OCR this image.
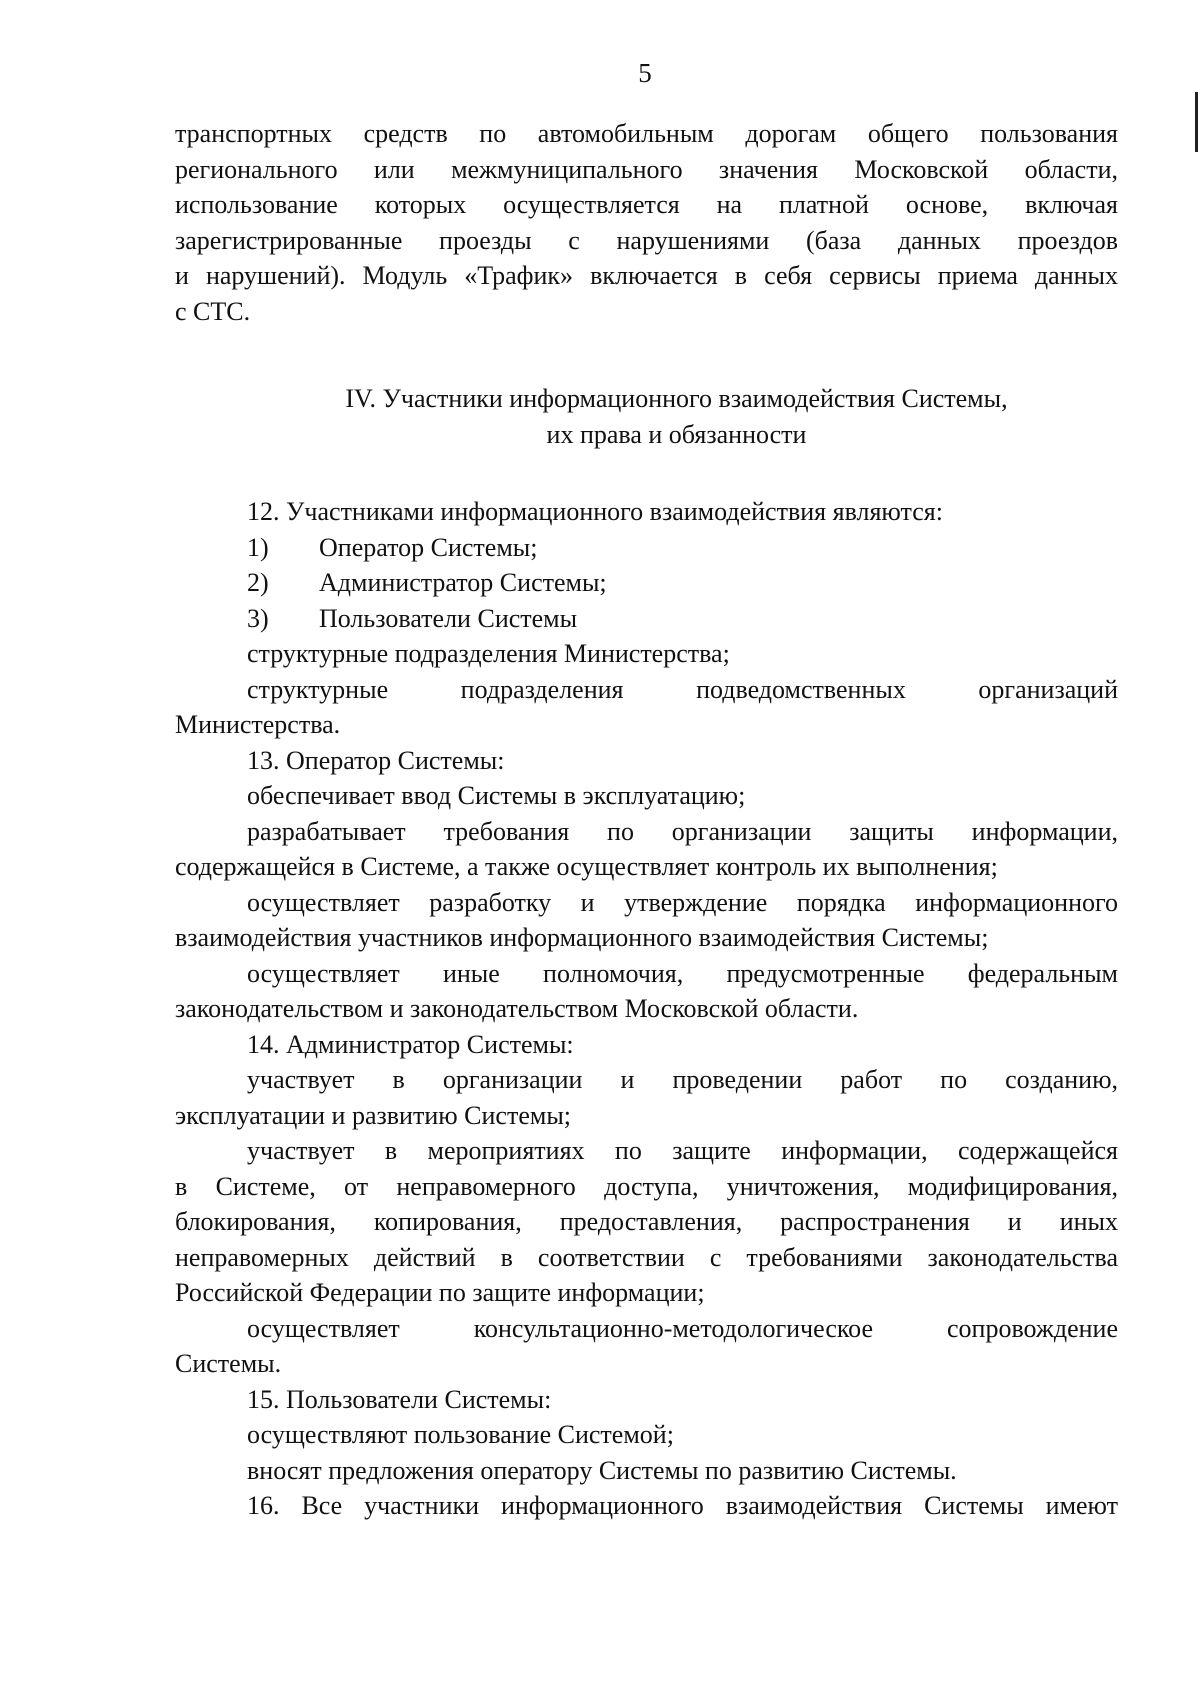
5

транспортных средств по автомобильным дорогам общего пользования

регионального или межмуниципального значения Московской области,

использование которых осуществляется на платной основе, включая

зарегистрированные проезды с нарушениями (база данных проездов

и нарушений). Модуль «Трафик» включается в себя сервисы приема данных

с СТС.

IV. Участники информационного взаимодействия Системы,

их права и обязанности

12. Участниками информационного взаимодействия являются:

1)	Оператор Системы;
2)	Администратор Системы;
3)	Пользователи Системы

структурные подразделения Министерства;

структурные подразделения подведомственных организаций

Министерства.

13. Оператор Системы:

обеспечивает ввод Системы в эксплуатацию;

разрабатывает требования по организации защиты информации,

содержащейся в Системе, а также осуществляет контроль их выполнения;

осуществляет разработку и утверждение порядка информационного

взаимодействия участников информационного взаимодействия Системы;

осуществляет иные полномочия, предусмотренные федеральным

законодательством и законодательством Московской области.

14. Администратор Системы:

участвует в организации и проведении работ по созданию,

эксплуатации и развитию Системы;

участвует в мероприятиях по защите информации, содержащейся

в Системе, от неправомерного доступа, уничтожения, модифицирования,

блокирования, копирования, предоставления, распространения и иных

неправомерных действий в соответствии с требованиями законодательства

Российской Федерации по защите информации;

осуществляет консультационно-методологическое сопровождение

Системы.

15. Пользователи Системы:

осуществляют пользование Системой;

вносят предложения оператору Системы по развитию Системы.

16. Все участники информационного взаимодействия Системы имеют
